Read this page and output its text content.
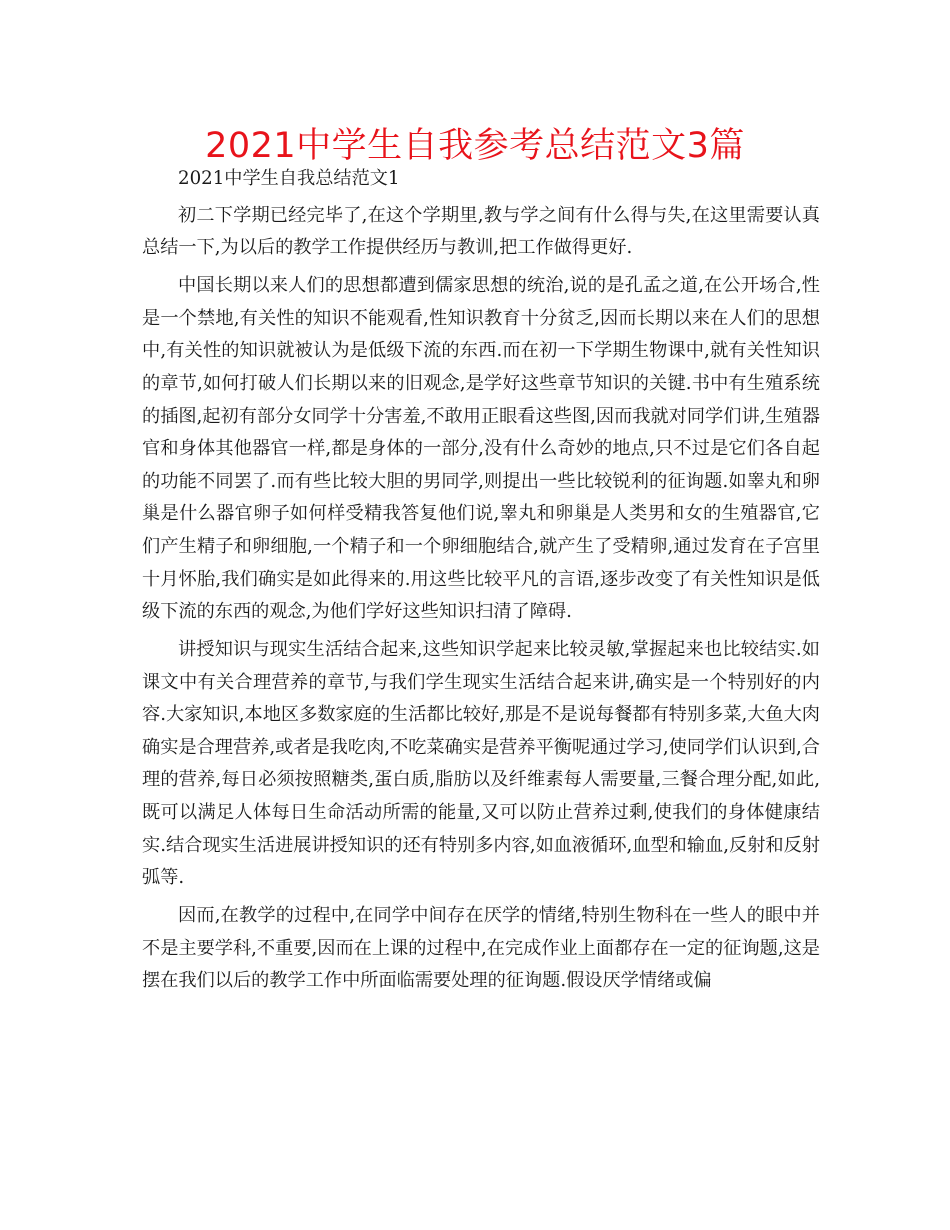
2021中学生自我参考总结范文3篇
2021中学生自我总结范文1

初二下学期已经完毕了,在这个学期里,教与学之间有什么得与失,在这里需要认真总结一下,为以后的教学工作提供经历与教训,把工作做得更好.

中国长期以来人们的思想都遭到儒家思想的统治,说的是孔孟之道,在公开场合,性是一个禁地,有关性的知识不能观看,性知识教育十分贫乏,因而长期以来在人们的思想中,有关性的知识就被认为是低级下流的东西.而在初一下学期生物课中,就有关性知识的章节,如何打破人们长期以来的旧观念,是学好这些章节知识的关键.书中有生殖系统的插图,起初有部分女同学十分害羞,不敢用正眼看这些图,因而我就对同学们讲,生殖器官和身体其他器官一样,都是身体的一部分,没有什么奇妙的地点,只不过是它们各自起的功能不同罢了.而有些比较大胆的男同学,则提出一些比较锐利的征询题.如睾丸和卵巢是什么器官卵子如何样受精我答复他们说,睾丸和卵巢是人类男和女的生殖器官,它们产生精子和卵细胞,一个精子和一个卵细胞结合,就产生了受精卵,通过发育在子宫里十月怀胎,我们确实是如此得来的.用这些比较平凡的言语,逐步改变了有关性知识是低级下流的东西的观念,为他们学好这些知识扫清了障碍.

讲授知识与现实生活结合起来,这些知识学起来比较灵敏,掌握起来也比较结实.如课文中有关合理营养的章节,与我们学生现实生活结合起来讲,确实是一个特别好的内容.大家知识,本地区多数家庭的生活都比较好,那是不是说每餐都有特别多菜,大鱼大肉确实是合理营养,或者是我吃肉,不吃菜确实是营养平衡呢通过学习,使同学们认识到,合理的营养,每日必须按照糖类,蛋白质,脂肪以及纤维素每人需要量,三餐合理分配,如此,既可以满足人体每日生命活动所需的能量,又可以防止营养过剩,使我们的身体健康结实.结合现实生活进展讲授知识的还有特别多内容,如血液循环,血型和输血,反射和反射弧等.

因而,在教学的过程中,在同学中间存在厌学的情绪,特别生物科在一些人的眼中并不是主要学科,不重要,因而在上课的过程中,在完成作业上面都存在一定的征询题,这是摆在我们以后的教学工作中所面临需要处理的征询题.假设厌学情绪或偏
